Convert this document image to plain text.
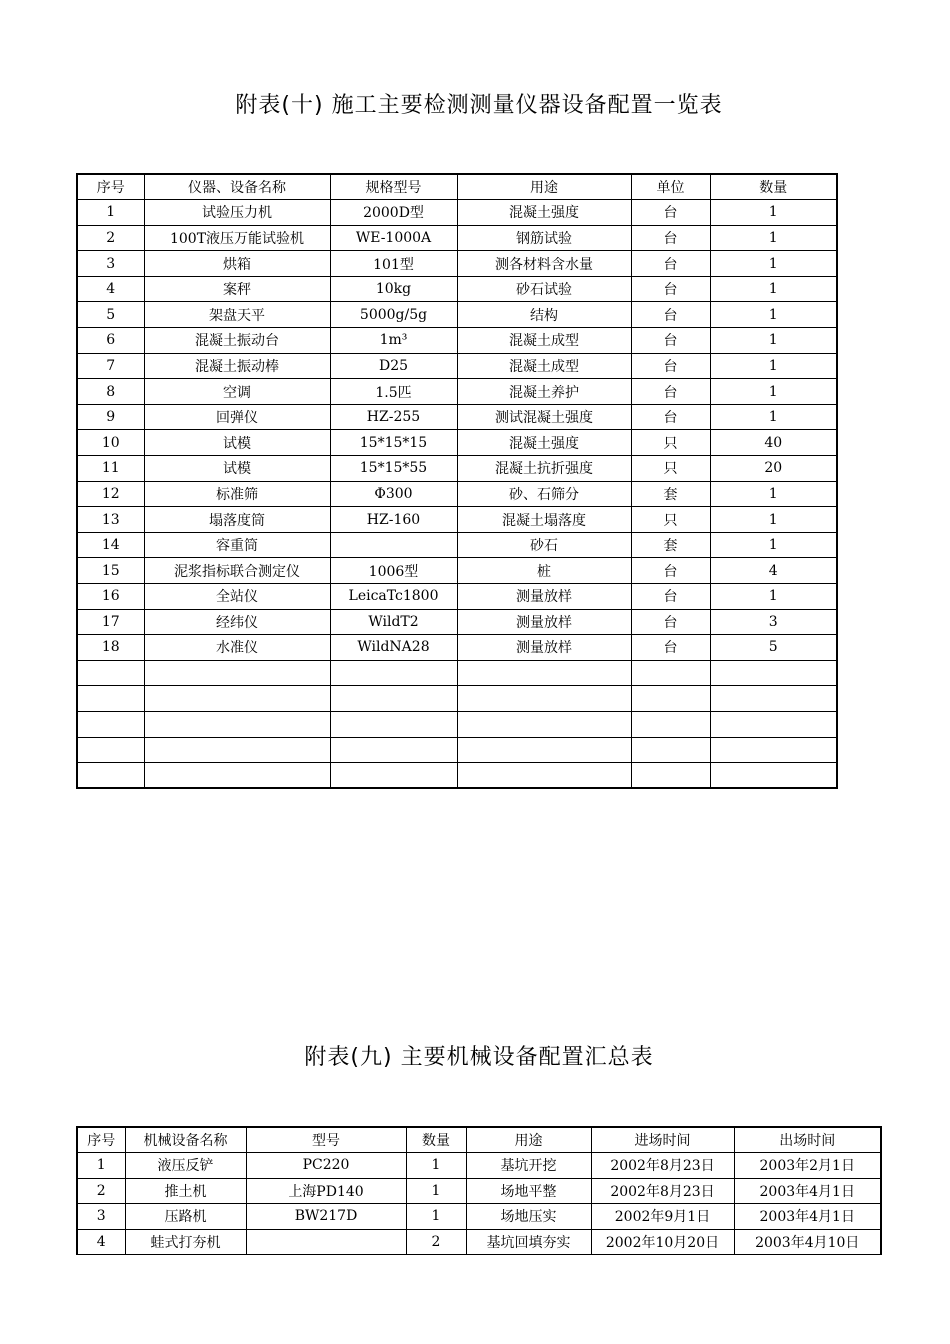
附表(十) 施工主要检测测量仪器设备配置一览表
序号	仪器、设备名称	规格型号	用途	单位	数量
1	试验压力机	2000D型	混凝土强度	台	1
2	100T液压万能试验机	WE-1000A	钢筋试验	台	1
3	烘箱	101型	测各材料含水量	台	1
4	案秤	10kg	砂石试验	台	1
5	架盘天平	5000g/5g	结构	台	1
6	混凝土振动台	1m³	混凝土成型	台	1
7	混凝土振动棒	D25	混凝土成型	台	1
8	空调	1.5匹	混凝土养护	台	1
9	回弹仪	HZ-255	测试混凝土强度	台	1
10	试模	15*15*15	混凝土强度	只	40
11	试模	15*15*55	混凝土抗折强度	只	20
12	标准筛	Φ300	砂、石筛分	套	1
13	塌落度筒	HZ-160	混凝土塌落度	只	1
14	容重筒		砂石	套	1
15	泥浆指标联合测定仪	1006型	桩	台	4
16	全站仪	LeicaTc1800	测量放样	台	1
17	经纬仪	WildT2	测量放样	台	3
18	水准仪	WildNA28	测量放样	台	5

附表(九) 主要机械设备配置汇总表
序号	机械设备名称	型号	数量	用途	进场时间	出场时间
1	液压反铲	PC220	1	基坑开挖	2002年8月23日	2003年2月1日
2	推土机	上海PD140	1	场地平整	2002年8月23日	2003年4月1日
3	压路机	BW217D	1	场地压实	2002年9月1日	2003年4月1日
4	蛙式打夯机		2	基坑回填夯实	2002年10月20日	2003年4月10日
